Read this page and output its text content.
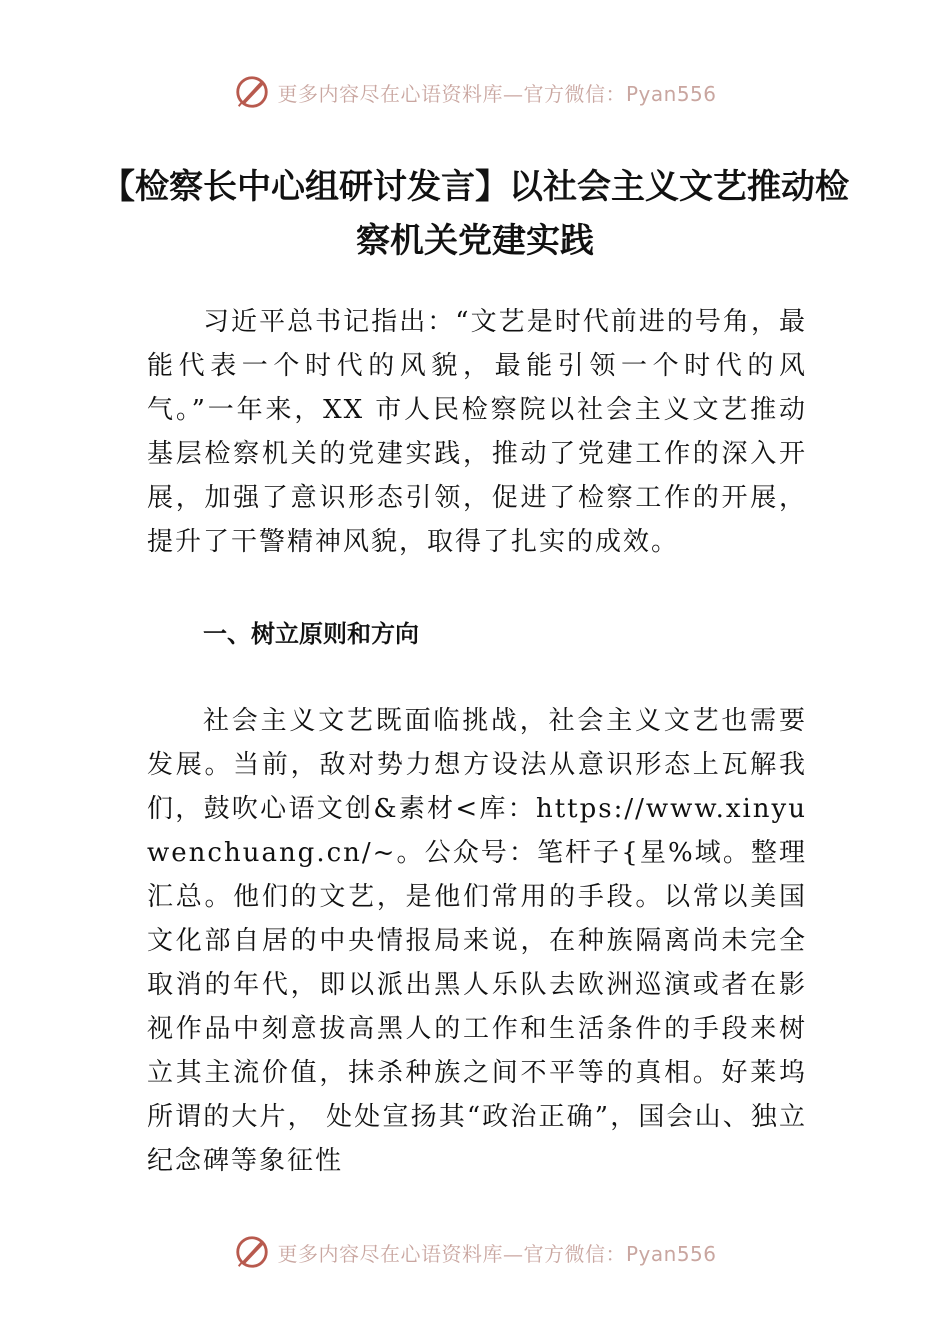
更多内容尽在心语资料库—官方微信：Pyan556
【检察长中心组研讨发言】以社会主义文艺推动检察机关党建实践

习近平总书记指出：“文艺是时代前进的号角，最能代表一个时代的风貌，最能引领一个时代的风气。”一年来，XX 市人民检察院以社会主义文艺推动基层检察机关的党建实践，推动了党建工作的深入开展，加强了意识形态引领，促进了检察工作的开展，提升了干警精神风貌，取得了扎实的成效。

一、树立原则和方向

社会主义文艺既面临挑战，社会主义文艺也需要发展。当前，敌对势力想方设法从意识形态上瓦解我们，鼓吹心语文创&素材<库：https://www.xinyuwenchuang.cn/~。公众号：笔杆子{星%域。整理汇总。他们的文艺，是他们常用的手段。以常以美国文化部自居的中央情报局来说，在种族隔离尚未完全取消的年代，即以派出黑人乐队去欧洲巡演或者在影视作品中刻意拔高黑人的工作和生活条件的手段来树立其主流价值，抹杀种族之间不平等的真相。好莱坞所谓的大片， 处处宣扬其“政治正确”，国会山、独立纪念碑等象征性

更多内容尽在心语资料库—官方微信：Pyan556
